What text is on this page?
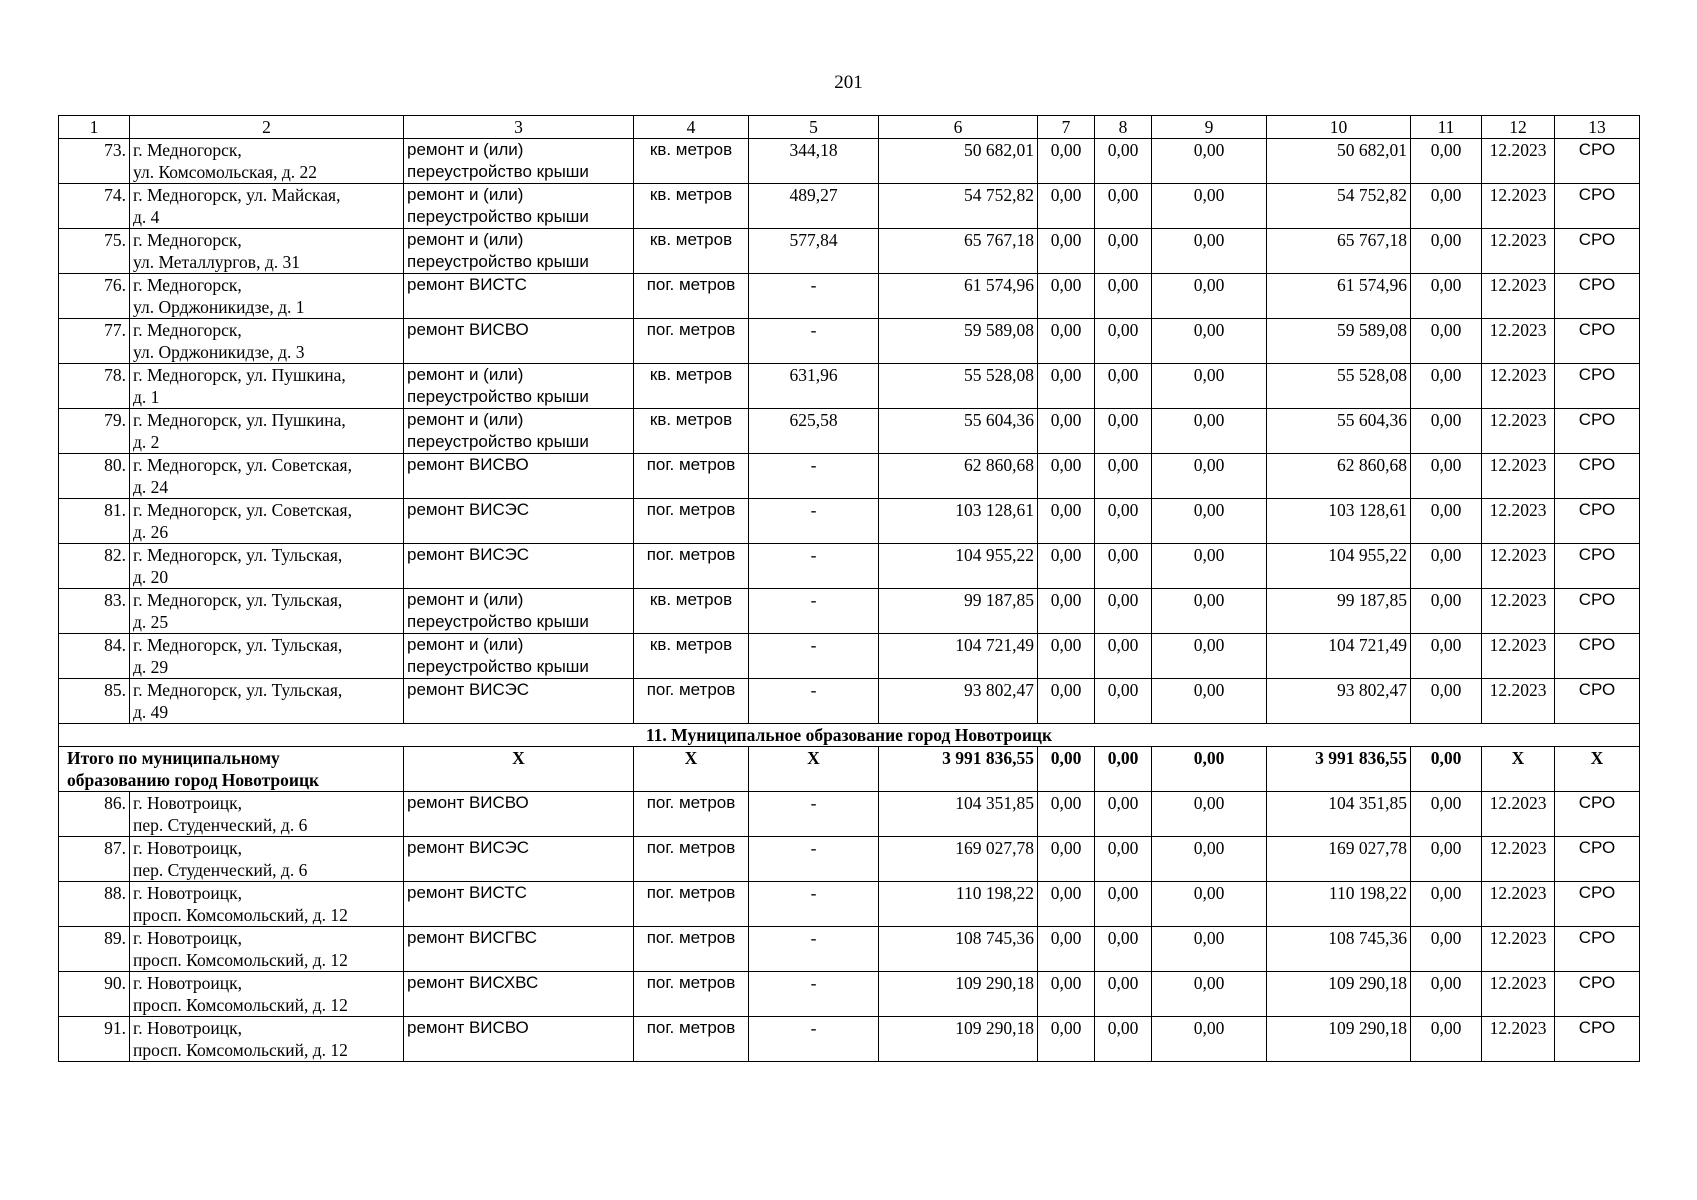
201
1	2	3	4	5	6	7	8	9	10	11	12	13
73.	г. Медногорск,
ул. Комсомольская, д. 22	ремонт и (или)
переустройство крыши	кв. метров	344,18	50 682,01	0,00	0,00	0,00	50 682,01	0,00	12.2023	СРО
74.	г. Медногорск, ул. Майская,
д. 4	ремонт и (или)
переустройство крыши	кв. метров	489,27	54 752,82	0,00	0,00	0,00	54 752,82	0,00	12.2023	СРО
75.	г. Медногорск,
ул. Металлургов, д. 31	ремонт и (или)
переустройство крыши	кв. метров	577,84	65 767,18	0,00	0,00	0,00	65 767,18	0,00	12.2023	СРО
76.	г. Медногорск,
ул. Орджоникидзе, д. 1	ремонт ВИСТС	пог. метров	-	61 574,96	0,00	0,00	0,00	61 574,96	0,00	12.2023	СРО
77.	г. Медногорск,
ул. Орджоникидзе, д. 3	ремонт ВИСВО	пог. метров	-	59 589,08	0,00	0,00	0,00	59 589,08	0,00	12.2023	СРО
78.	г. Медногорск, ул. Пушкина,
д. 1	ремонт и (или)
переустройство крыши	кв. метров	631,96	55 528,08	0,00	0,00	0,00	55 528,08	0,00	12.2023	СРО
79.	г. Медногорск, ул. Пушкина,
д. 2	ремонт и (или)
переустройство крыши	кв. метров	625,58	55 604,36	0,00	0,00	0,00	55 604,36	0,00	12.2023	СРО
80.	г. Медногорск, ул. Советская,
д. 24	ремонт ВИСВО	пог. метров	-	62 860,68	0,00	0,00	0,00	62 860,68	0,00	12.2023	СРО
81.	г. Медногорск, ул. Советская,
д. 26	ремонт ВИСЭС	пог. метров	-	103 128,61	0,00	0,00	0,00	103 128,61	0,00	12.2023	СРО
82.	г. Медногорск, ул. Тульская,
д. 20	ремонт ВИСЭС	пог. метров	-	104 955,22	0,00	0,00	0,00	104 955,22	0,00	12.2023	СРО
83.	г. Медногорск, ул. Тульская,
д. 25	ремонт и (или)
переустройство крыши	кв. метров	-	99 187,85	0,00	0,00	0,00	99 187,85	0,00	12.2023	СРО
84.	г. Медногорск, ул. Тульская,
д. 29	ремонт и (или)
переустройство крыши	кв. метров	-	104 721,49	0,00	0,00	0,00	104 721,49	0,00	12.2023	СРО
85.	г. Медногорск, ул. Тульская,
д. 49	ремонт ВИСЭС	пог. метров	-	93 802,47	0,00	0,00	0,00	93 802,47	0,00	12.2023	СРО
11. Муниципальное образование город Новотроицк												

Итого по муниципальному
образованию город Новотроицк		Х	Х	Х	3 991 836,55	0,00	0,00	0,00	3 991 836,55	0,00	Х	Х
86.	г. Новотроицк,
пер. Студенческий, д. 6	ремонт ВИСВО	пог. метров	-	104 351,85	0,00	0,00	0,00	104 351,85	0,00	12.2023	СРО
87.	г. Новотроицк,
пер. Студенческий, д. 6	ремонт ВИСЭС	пог. метров	-	169 027,78	0,00	0,00	0,00	169 027,78	0,00	12.2023	СРО
88.	г. Новотроицк,
просп. Комсомольский, д. 12	ремонт ВИСТС	пог. метров	-	110 198,22	0,00	0,00	0,00	110 198,22	0,00	12.2023	СРО
89.	г. Новотроицк,
просп. Комсомольский, д. 12	ремонт ВИСГВС	пог. метров	-	108 745,36	0,00	0,00	0,00	108 745,36	0,00	12.2023	СРО
90.	г. Новотроицк,
просп. Комсомольский, д. 12	ремонт ВИСХВС	пог. метров	-	109 290,18	0,00	0,00	0,00	109 290,18	0,00	12.2023	СРО
91.	г. Новотроицк,
просп. Комсомольский, д. 12	ремонт ВИСВО	пог. метров	-	109 290,18	0,00	0,00	0,00	109 290,18	0,00	12.2023	СРО
